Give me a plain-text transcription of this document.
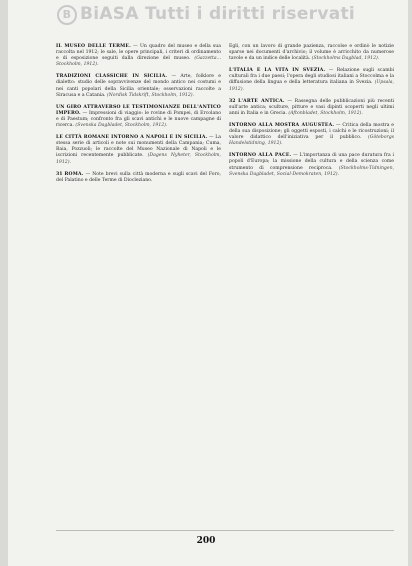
B BiASA Tutti i diritti riservati

IL MUSEO DELLE TERME. — Un quadro del museo e della sua raccolta nel 1912; le sale, le opere principali, i criteri di ordinamento e di esposizione seguiti dalla direzione del museo. (Gazzetta... Stockholm, 1912).

TRADIZIONI CLASSICHE IN SICILIA. — Arte, folklore e dialetto: studio delle sopravvivenze del mondo antico nei costumi e nei canti popolari della Sicilia orientale; osservazioni raccolte a Siracusa e a Catania. (Nordisk Tidskrift, Stockholm, 1912).

UN GIRO ATTRAVERSO LE TESTIMONIANZE DELL'ANTICO IMPERO. — Impressioni di viaggio: le rovine di Pompei, di Ercolano e di Paestum; confronto fra gli scavi antichi e le nuove campagne di ricerca. (Svenska Dagbladet, Stockholm, 1912).

LE CITTÀ ROMANE INTORNO A NAPOLI E IN SICILIA. — La stessa serie di articoli e note sui monumenti della Campania; Cuma, Baia, Pozzuoli; le raccolte del Museo Nazionale di Napoli e le iscrizioni recentemente pubblicate. (Dagens Nyheter, Stockholm, 1912).

31 ROMA. — Note brevi sulla città moderna e sugli scavi del Foro, del Palatino e delle Terme di Diocleziano.

Egli, con un lavoro di grande pazienza, raccolse e ordinò le notizie sparse nei documenti d'archivio; il volume è arricchito da numerose tavole e da un indice delle località. (Stockholms Dagblad, 1912).

L'ITALIA E LA VITA IN SVEZIA. — Relazione sugli scambi culturali fra i due paesi; l'opera degli studiosi italiani a Stoccolma e la diffusione della lingua e della letteratura italiana in Svezia. (Upsala, 1912).

32 L'ARTE ANTICA. — Rassegna delle pubblicazioni più recenti sull'arte antica; sculture, pitture e vasi dipinti scoperti negli ultimi anni in Italia e in Grecia. (Aftonbladet, Stockholm, 1912).

INTORNO ALLA MOSTRA AUGUSTEA. — Critica della mostra e della sua disposizione; gli oggetti esposti, i calchi e le ricostruzioni; il valore didattico dell'iniziativa per il pubblico. (Göteborgs Handelstidning, 1912).

INTORNO ALLA PACE. — L'importanza di una pace duratura fra i popoli d'Europa; la missione della cultura e della scienza come strumento di comprensione reciproca. (Stockholms-Tidningen, Svenska Dagbladet, Social-Demokraten, 1912).

200
